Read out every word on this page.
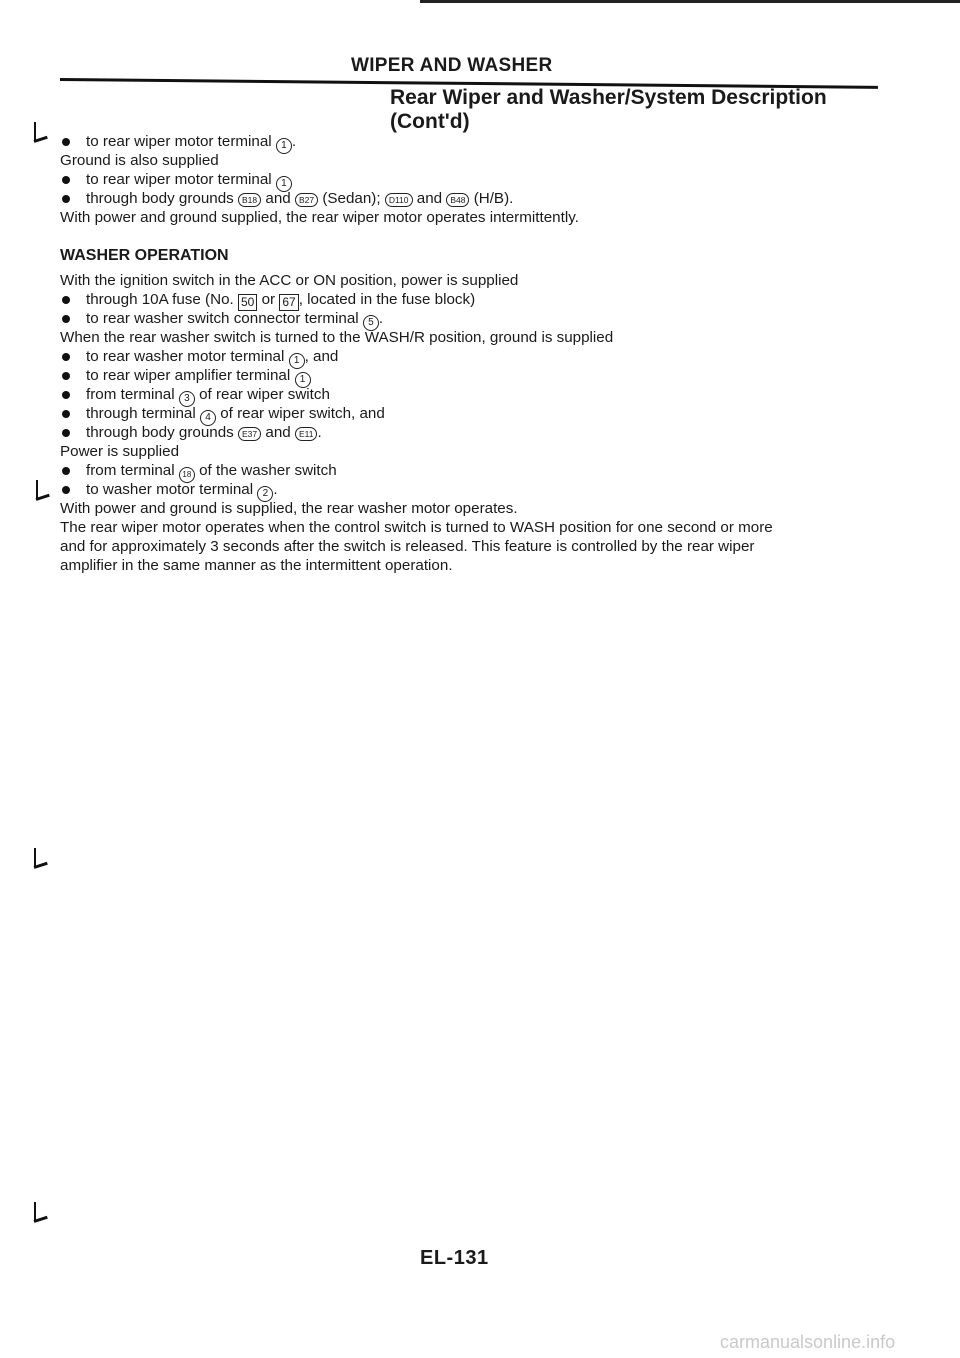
WIPER AND WASHER
Rear Wiper and Washer/System Description
(Cont'd)
to rear wiper motor terminal 1 .
Ground is also supplied
to rear wiper motor terminal 1
through body grounds B18 and B27 (Sedan); D110 and B48 (H/B).
With power and ground supplied, the rear wiper motor operates intermittently.
WASHER OPERATION
With the ignition switch in the ACC or ON position, power is supplied
through 10A fuse (No. 50 or 67 , located in the fuse block)
to rear washer switch connector terminal 5 .
When the rear washer switch is turned to the WASH/R position, ground is supplied
to rear washer motor terminal 1 , and
to rear wiper amplifier terminal 1
from terminal 3 of rear wiper switch
through terminal 4 of rear wiper switch, and
through body grounds E37 and E11 .
Power is supplied
from terminal 18 of the washer switch
to washer motor terminal 2 .
With power and ground is supplied, the rear washer motor operates.
The rear wiper motor operates when the control switch is turned to WASH position for one second or more
and for approximately 3 seconds after the switch is released. This feature is controlled by the rear wiper
amplifier in the same manner as the intermittent operation.
EL-131
carmanualsonline.info
